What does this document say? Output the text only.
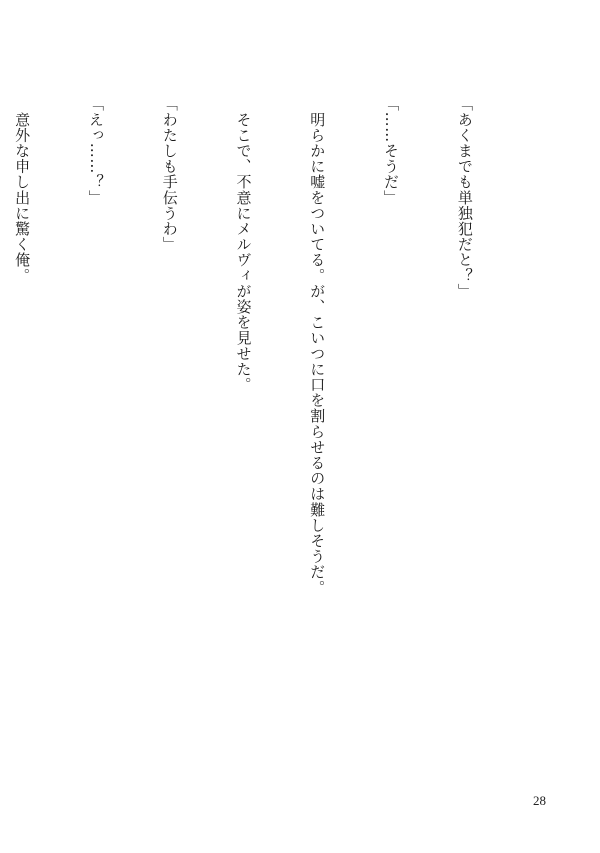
「あくまでも単独犯だと？」

「……そうだ」

　明らかに嘘をついてる。が、こいつに口を割らせるのは難しそうだ。

　そこで、不意にメルヴィが姿を見せた。

「わたしも手伝うわ」

「えっ……？」

　意外な申し出に驚く俺。

28
